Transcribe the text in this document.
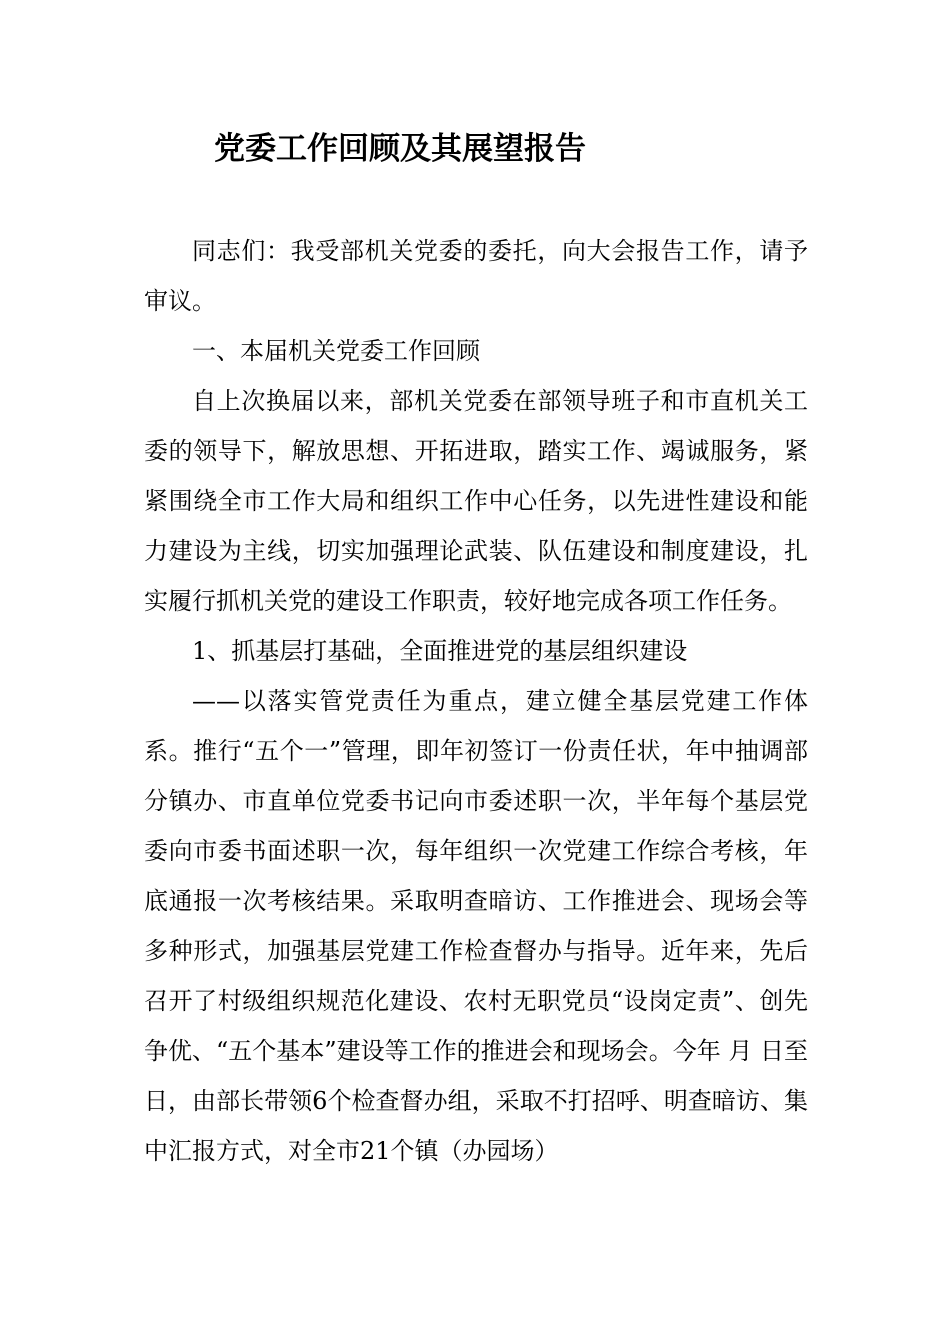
党委工作回顾及其展望报告

同志们：我受部机关党委的委托，向大会报告工作，请予审议。

一、本届机关党委工作回顾

自上次换届以来，部机关党委在部领导班子和市直机关工委的领导下，解放思想、开拓进取，踏实工作、竭诚服务，紧紧围绕全市工作大局和组织工作中心任务，以先进性建设和能力建设为主线，切实加强理论武装、队伍建设和制度建设，扎实履行抓机关党的建设工作职责，较好地完成各项工作任务。

1、抓基层打基础，全面推进党的基层组织建设

——以落实管党责任为重点，建立健全基层党建工作体系。推行“五个一”管理，即年初签订一份责任状，年中抽调部分镇办、市直单位党委书记向市委述职一次，半年每个基层党委向市委书面述职一次，每年组织一次党建工作综合考核，年底通报一次考核结果。采取明查暗访、工作推进会、现场会等多种形式，加强基层党建工作检查督办与指导。近年来，先后召开了村级组织规范化建设、农村无职党员“设岗定责”、创先争优、“五个基本”建设等工作的推进会和现场会。今年 月 日至 日，由部长带领6个检查督办组，采取不打招呼、明查暗访、集中汇报方式，对全市21个镇（办园场）
